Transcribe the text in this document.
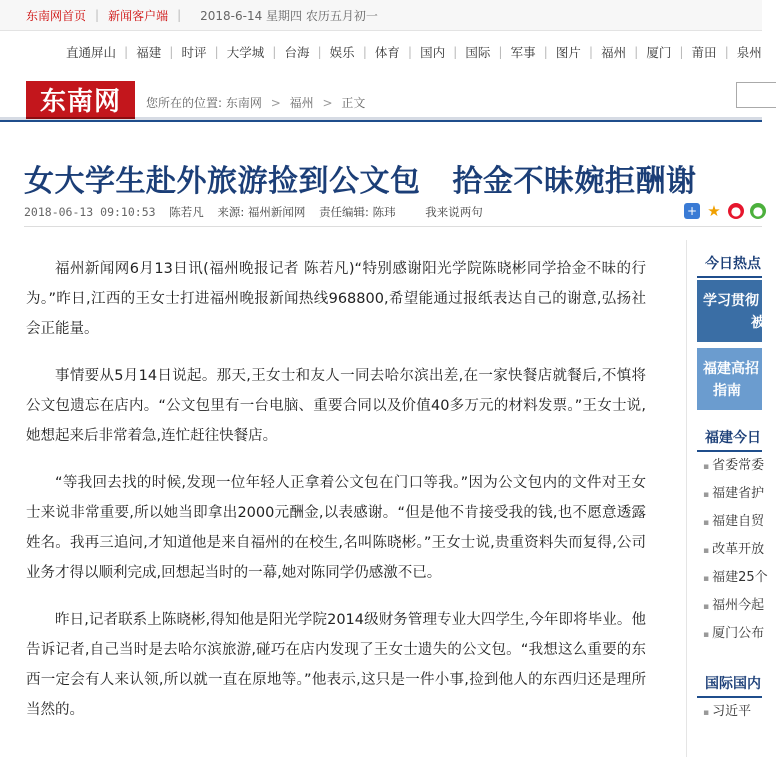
东南网首页 | 新闻客户端 | 2018-6-14 星期四 农历五月初一
直通屏山 | 福建 | 时评 | 大学城 | 台海 | 娱乐 | 体育 | 国内 | 国际 | 军事 | 图片 | 福州 | 厦门 | 莆田 | 泉州
东南网	您所在的位置: 东南网 > 福州 > 正文
女大学生赴外旅游捡到公文包 拾金不昧婉拒酬谢
2018-06-13 09:10:53 陈若凡 来源: 福州新闻网 责任编辑: 陈玮	我来说两句	+ ★ ● ●

福州新闻网6月13日讯(福州晚报记者 陈若凡)“特别感谢阳光学院陈晓彬同学拾金不昧的行为。”昨日,江西的王女士打进福州晚报新闻热线968800,希望能通过报纸表达自己的谢意,弘扬社会正能量。

事情要从5月14日说起。那天,王女士和友人一同去哈尔滨出差,在一家快餐店就餐后,不慎将公文包遗忘在店内。“公文包里有一台电脑、重要合同以及价值40多万元的材料发票。”王女士说,她想起来后非常着急,连忙赶往快餐店。

“等我回去找的时候,发现一位年轻人正拿着公文包在门口等我。”因为公文包内的文件对王女士来说非常重要,所以她当即拿出2000元酬金,以表感谢。“但是他不肯接受我的钱,也不愿意透露姓名。我再三追问,才知道他是来自福州的在校生,名叫陈晓彬。”王女士说,贵重资料失而复得,公司业务才得以顺利完成,回想起当时的一幕,她对陈同学仍感激不已。

昨日,记者联系上陈晓彬,得知他是阳光学院2014级财务管理专业大四学生,今年即将毕业。他告诉记者,自己当时是去哈尔滨旅游,碰巧在店内发现了王女士遗失的公文包。“我想这么重要的东西一定会有人来认领,所以就一直在原地等。”他表示,这只是一件小事,捡到他人的东西归还是理所当然的。

今日热点
学习贯彻
被
福建高招
指南
福建今日
▪ 省委常委
▪ 福建省护
▪ 福建自贸
▪ 改革开放
▪ 福建25个
▪ 福州今起
▪ 厦门公布
国际国内
▪ 习近平
